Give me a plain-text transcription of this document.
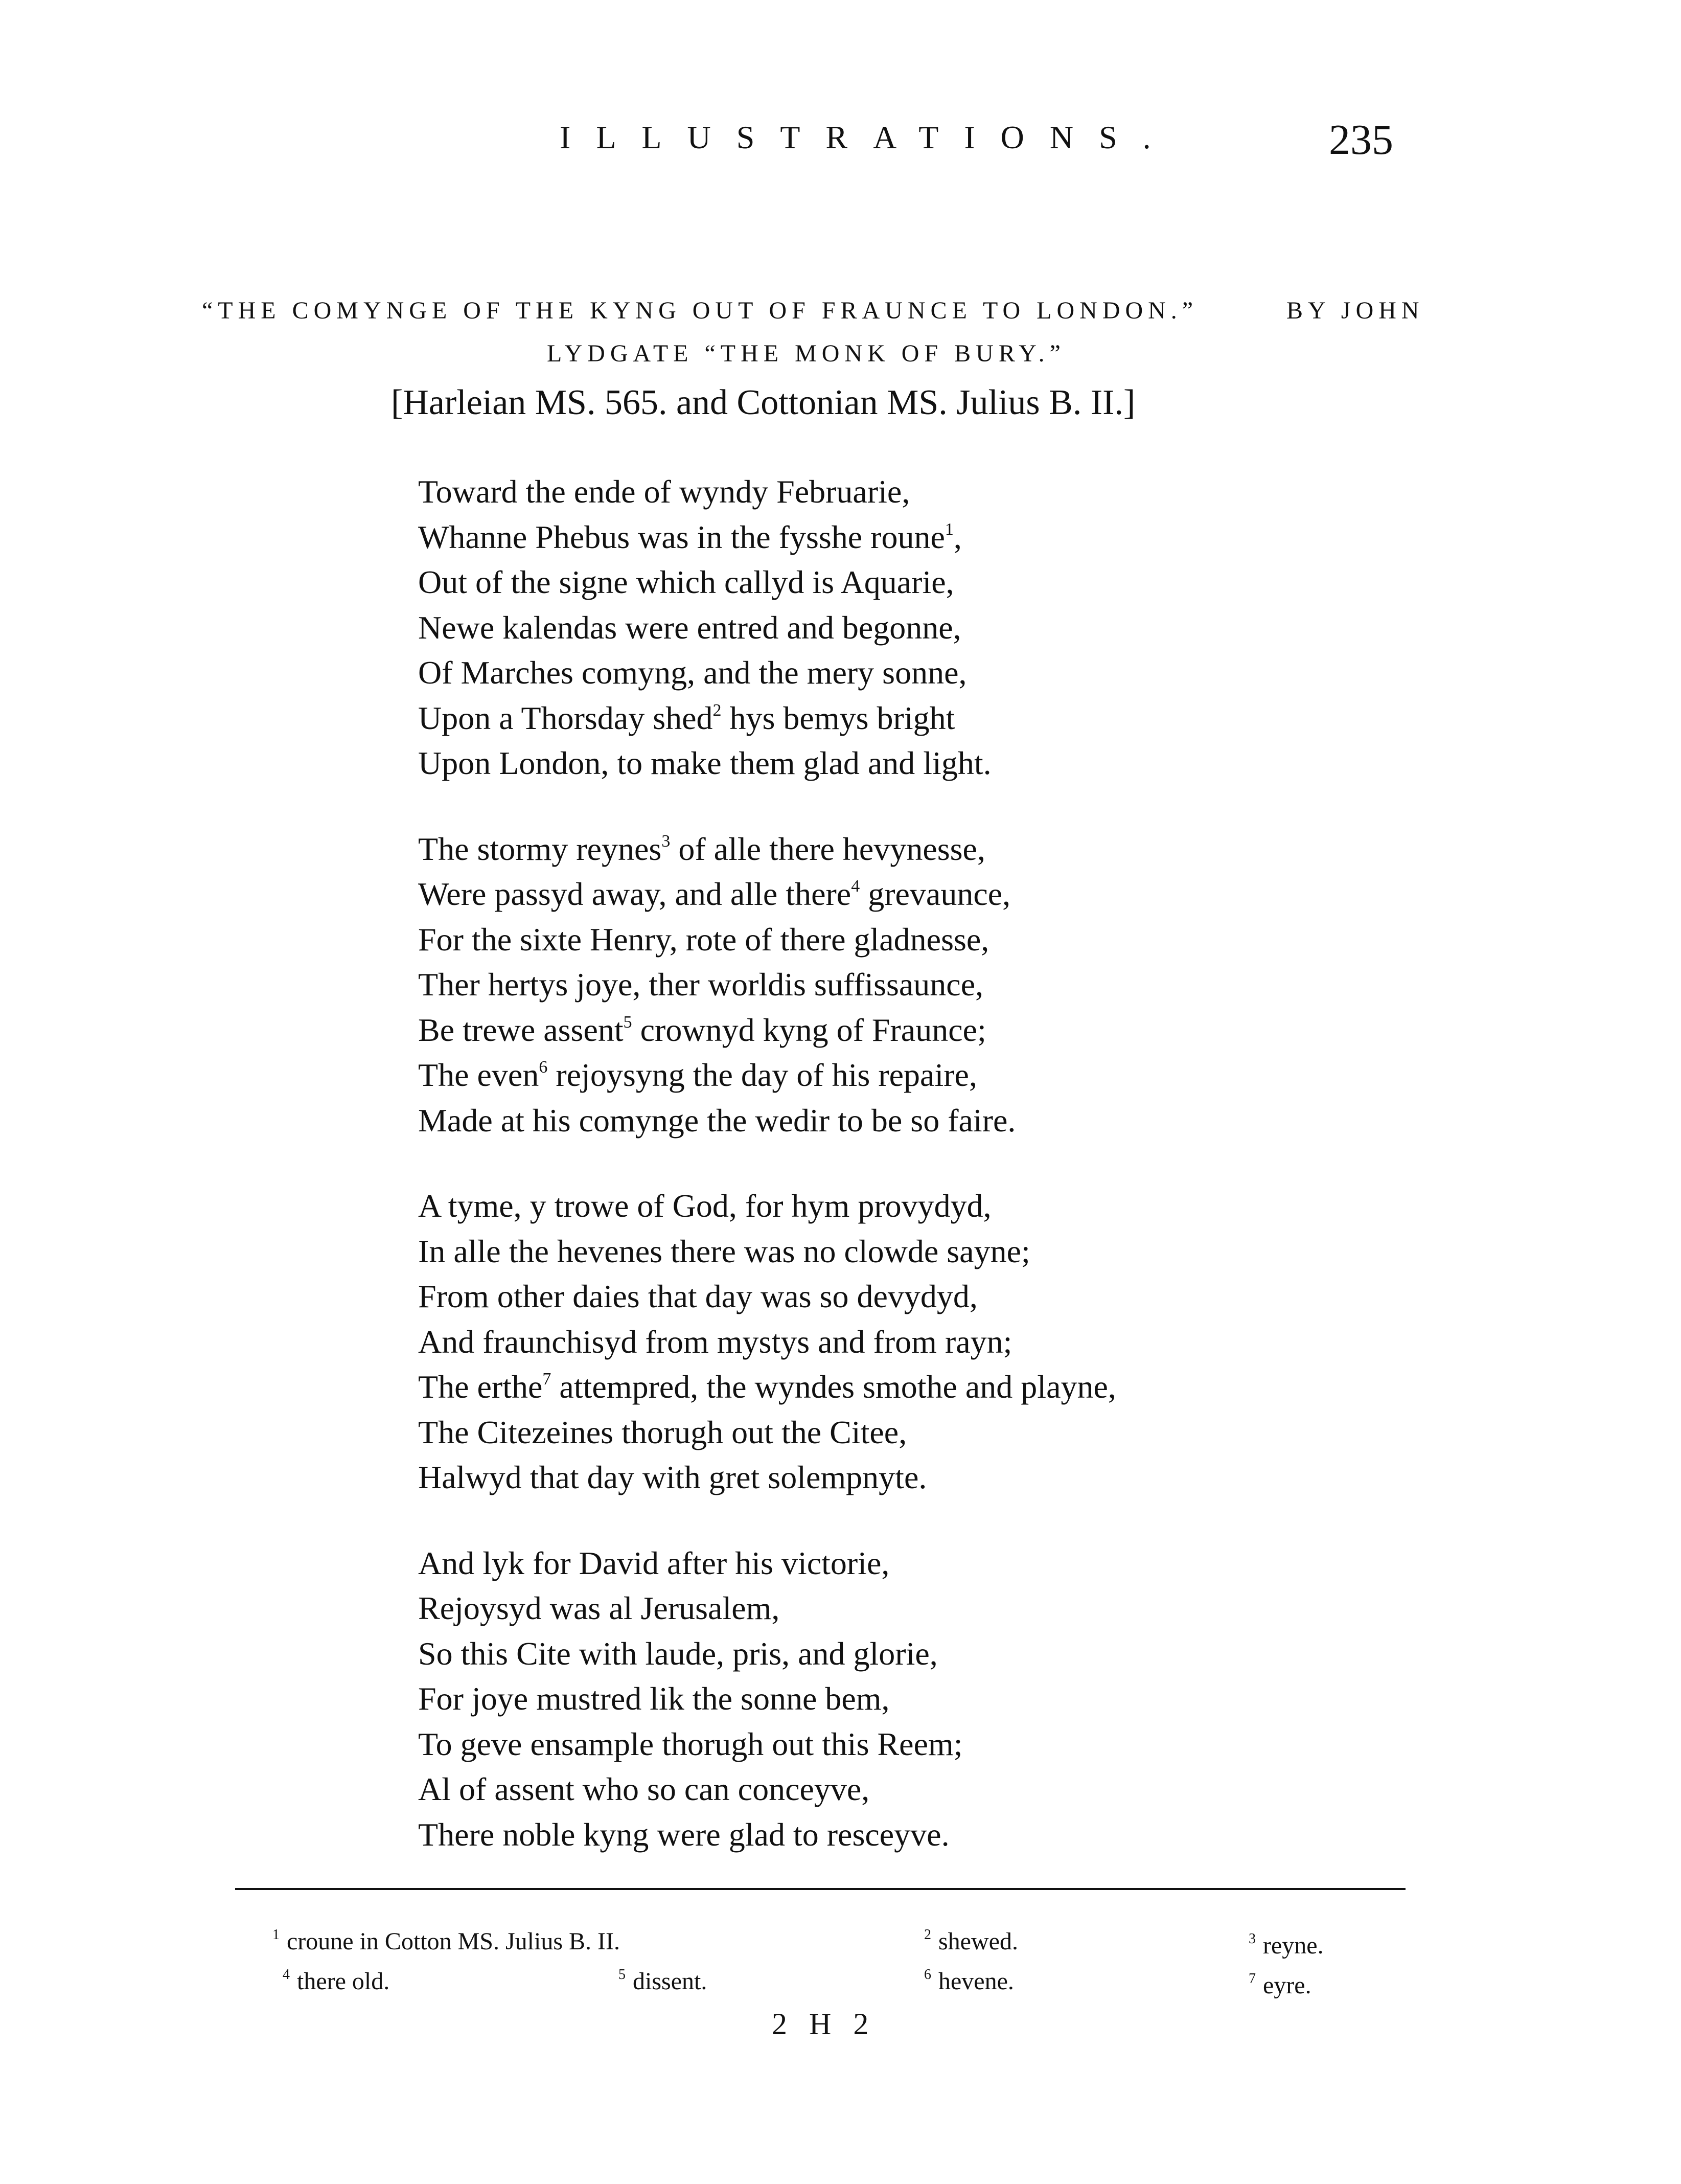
ILLUSTRATIONS.	235
“THE COMYNGE OF THE KYNG OUT OF FRAUNCE TO LONDON.”	BY JOHN
LYDGATE “THE MONK OF BURY.”
[Harleian MS. 565. and Cottonian MS. Julius B. II.]
Toward the ende of wyndy Februarie,
Whanne Phebus was in the fysshe roune$^1$,
Out of the signe which callyd is Aquarie,
Newe kalendas were entred and begonne,
Of Marches comyng, and the mery sonne,
Upon a Thorsday shed$^2$ hys bemys bright
Upon London, to make them glad and light.
The stormy reynes$^3$ of alle there hevynesse,
Were passyd away, and alle there$^4$ grevaunce,
For the sixte Henry, rote of there gladnesse,
Ther hertys joye, ther worldis suffissaunce,
Be trewe assent$^5$ crownyd kyng of Fraunce;
The even$^6$ rejoysyng the day of his repaire,
Made at his comynge the wedir to be so faire.
A tyme, y trowe of God, for hym provydyd,
In alle the hevenes there was no clowde sayne;
From other daies that day was so devydyd,
And fraunchisyd from mystys and from rayn;
The erthe$^7$ attempred, the wyndes smothe and playne,
The Citezeines thorugh out the Citee,
Halwyd that day with gret solempnyte.
And lyk for David after his victorie,
Rejoysyd was al Jerusalem,
So this Cite with laude, pris, and glorie,
For joye mustred lik the sonne bem,
To geve ensample thorugh out this Reem;
Al of assent who so can conceyve,
There noble kyng were glad to resceyve.
$^1$ croune in Cotton MS. Julius B. II.	$^2$ shewed.	$^3$ reyne.
$^4$ there old.	$^5$ dissent.	$^6$ hevene.	$^7$ eyre.
2 H 2
